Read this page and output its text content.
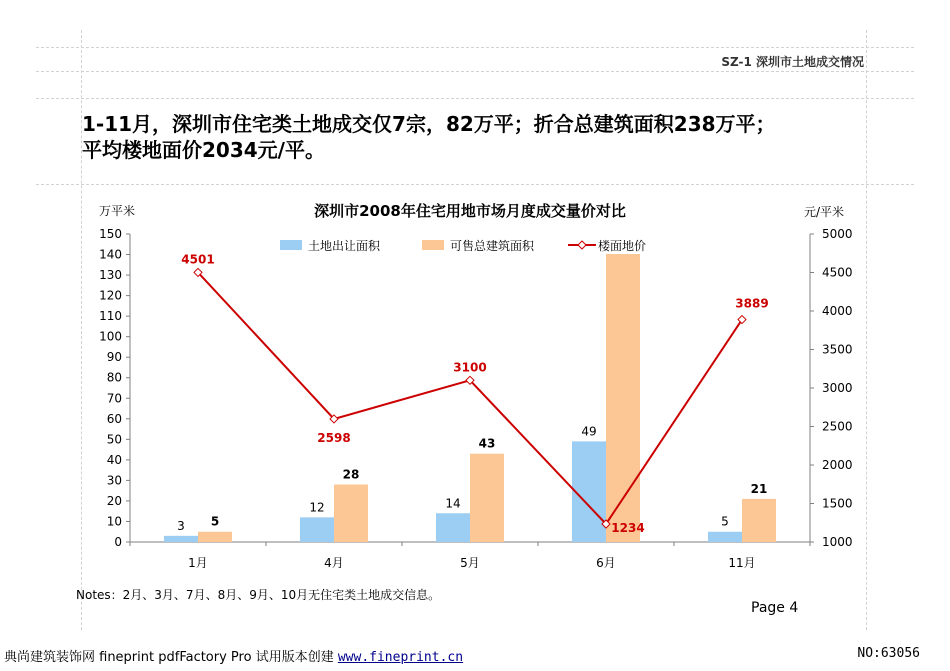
SZ-1 深圳市土地成交情况
1-11月，深圳市住宅类土地成交仅7宗，82万平；折合总建筑面积238万平；
平均楼地面价2034元/平。
深圳市2008年住宅用地市场月度成交量价对比
万平米	元/平米
0
10
20
30
40
50
60
70
80
90
100
110
120
130
140
150
1000
1500
2000
2500
3000
3500
4000
4500
5000
1月	4月	5月	6月	11月
3
12	14
49
5
5
28
43
21
4501
2598
3100
1234
3889
土地出让面积	可售总建筑面积	楼面地价
Notes：2月、3月、7月、8月、9月、10月无住宅类土地成交信息。
Page 4
典尚建筑装饰网 fineprint pdfFactory Pro 试用版本创建 www.fineprint.cn	NO:63056
